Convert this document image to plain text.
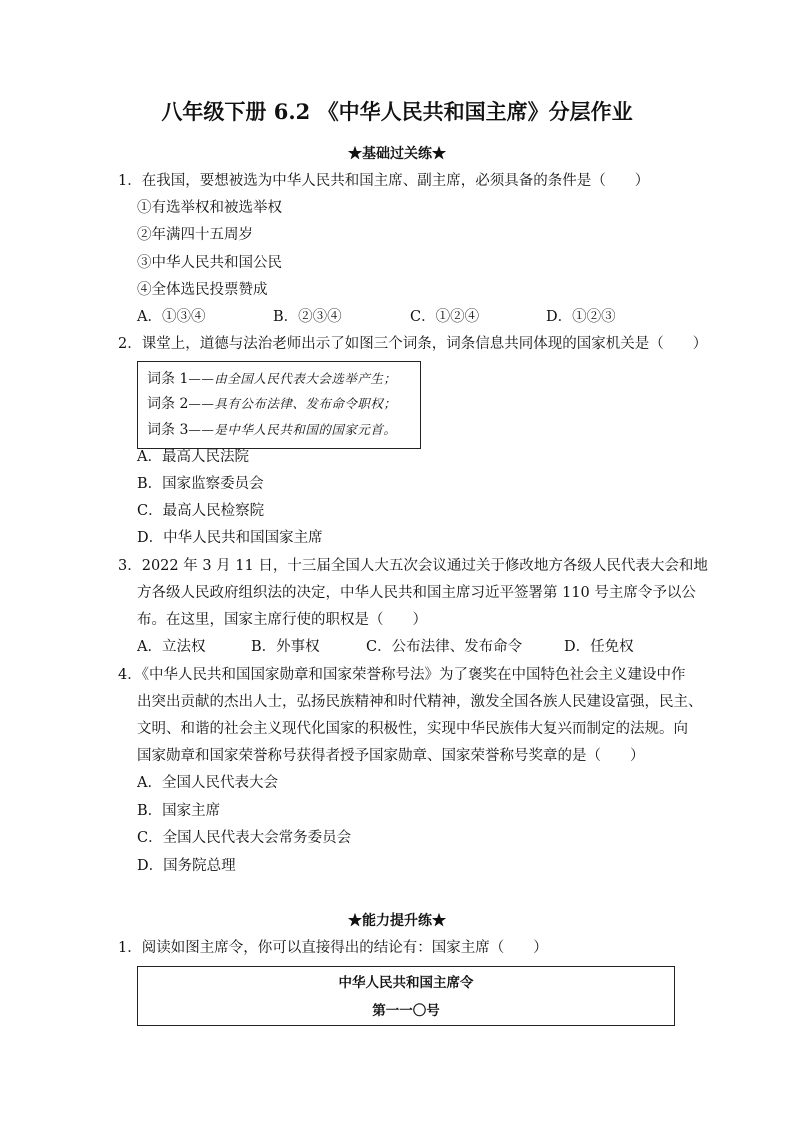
八年级下册 6.2 《中华人民共和国主席》分层作业
★基础过关练★
1．在我国，要想被选为中华人民共和国主席、副主席，必须具备的条件是（　　）
①有选举权和被选举权
②年满四十五周岁
③中华人民共和国公民
④全体选民投票赞成
A．①③④	B．②③④	C．①②④	D．①②③
2．课堂上，道德与法治老师出示了如图三个词条，词条信息共同体现的国家机关是（　　）
词条 1——由全国人民代表大会选举产生；
词条 2——具有公布法律、发布命令职权；
词条 3——是中华人民共和国的国家元首。
A．最高人民法院
B．国家监察委员会
C．最高人民检察院
D．中华人民共和国国家主席
3．2022 年 3 月 11 日，十三届全国人大五次会议通过关于修改地方各级人民代表大会和地
方各级人民政府组织法的决定，中华人民共和国主席习近平签署第 110 号主席令予以公
布。在这里，国家主席行使的职权是（　　）
A．立法权	B．外事权	C．公布法律、发布命令	D．任免权
4．《中华人民共和国国家勋章和国家荣誉称号法》为了褒奖在中国特色社会主义建设中作
出突出贡献的杰出人士，弘扬民族精神和时代精神，激发全国各族人民建设富强，民主、
文明、和谐的社会主义现代化国家的积极性，实现中华民族伟大复兴而制定的法规。向
国家勋章和国家荣誉称号获得者授予国家勋章、国家荣誉称号奖章的是（　　）
A．全国人民代表大会
B．国家主席
C．全国人民代表大会常务委员会
D．国务院总理
★能力提升练★
1．阅读如图主席令，你可以直接得出的结论有：国家主席（　　）
中华人民共和国主席令
第一一〇号
